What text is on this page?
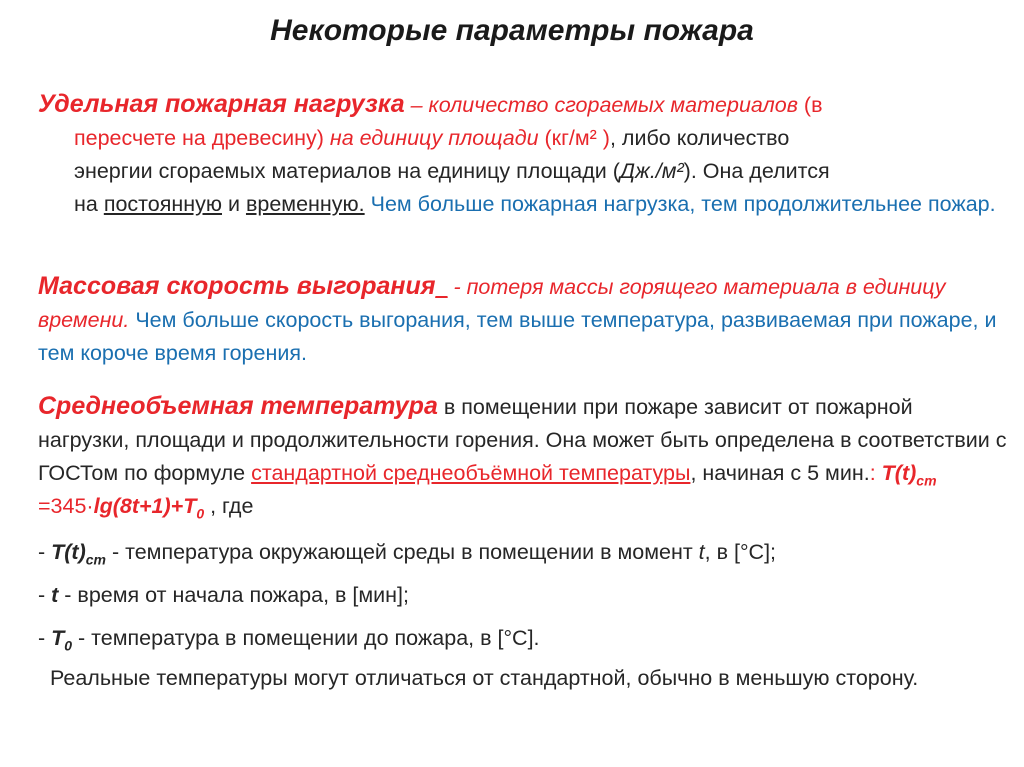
Некоторые параметры пожара
Удельная пожарная нагрузка – количество сгораемых материалов (в
пересчете на древесину) на единицу площади (кг/м² ), либо количество
энергии сгораемых материалов на единицу площади (Дж./м²). Она делится
на постоянную и временную. Чем больше пожарная нагрузка, тем продолжительнее пожар.
Массовая скорость выгорания_ - потеря массы горящего материала в единицу времени. Чем больше скорость выгорания, тем выше температура, развиваемая при пожаре, и тем короче время горения.
Среднеобъемная температура в помещении при пожаре зависит от пожарной нагрузки, площади и продолжительности горения. Она может быть определена в соответствии с ГОСТом по формуле стандартной среднеобъёмной температуры, начиная с 5 мин.: $T(t)_{cm} =345\cdot\lg(8t+1)+T_0$ , где
- $T(t)_{cm}$ - температура окружающей среды в помещении в момент t, в [°C];
- t - время от начала пожара, в [мин];
- $T_0$ - температура в помещении до пожара, в [°C].
Реальные температуры могут отличаться от стандартной, обычно в меньшую сторону.
